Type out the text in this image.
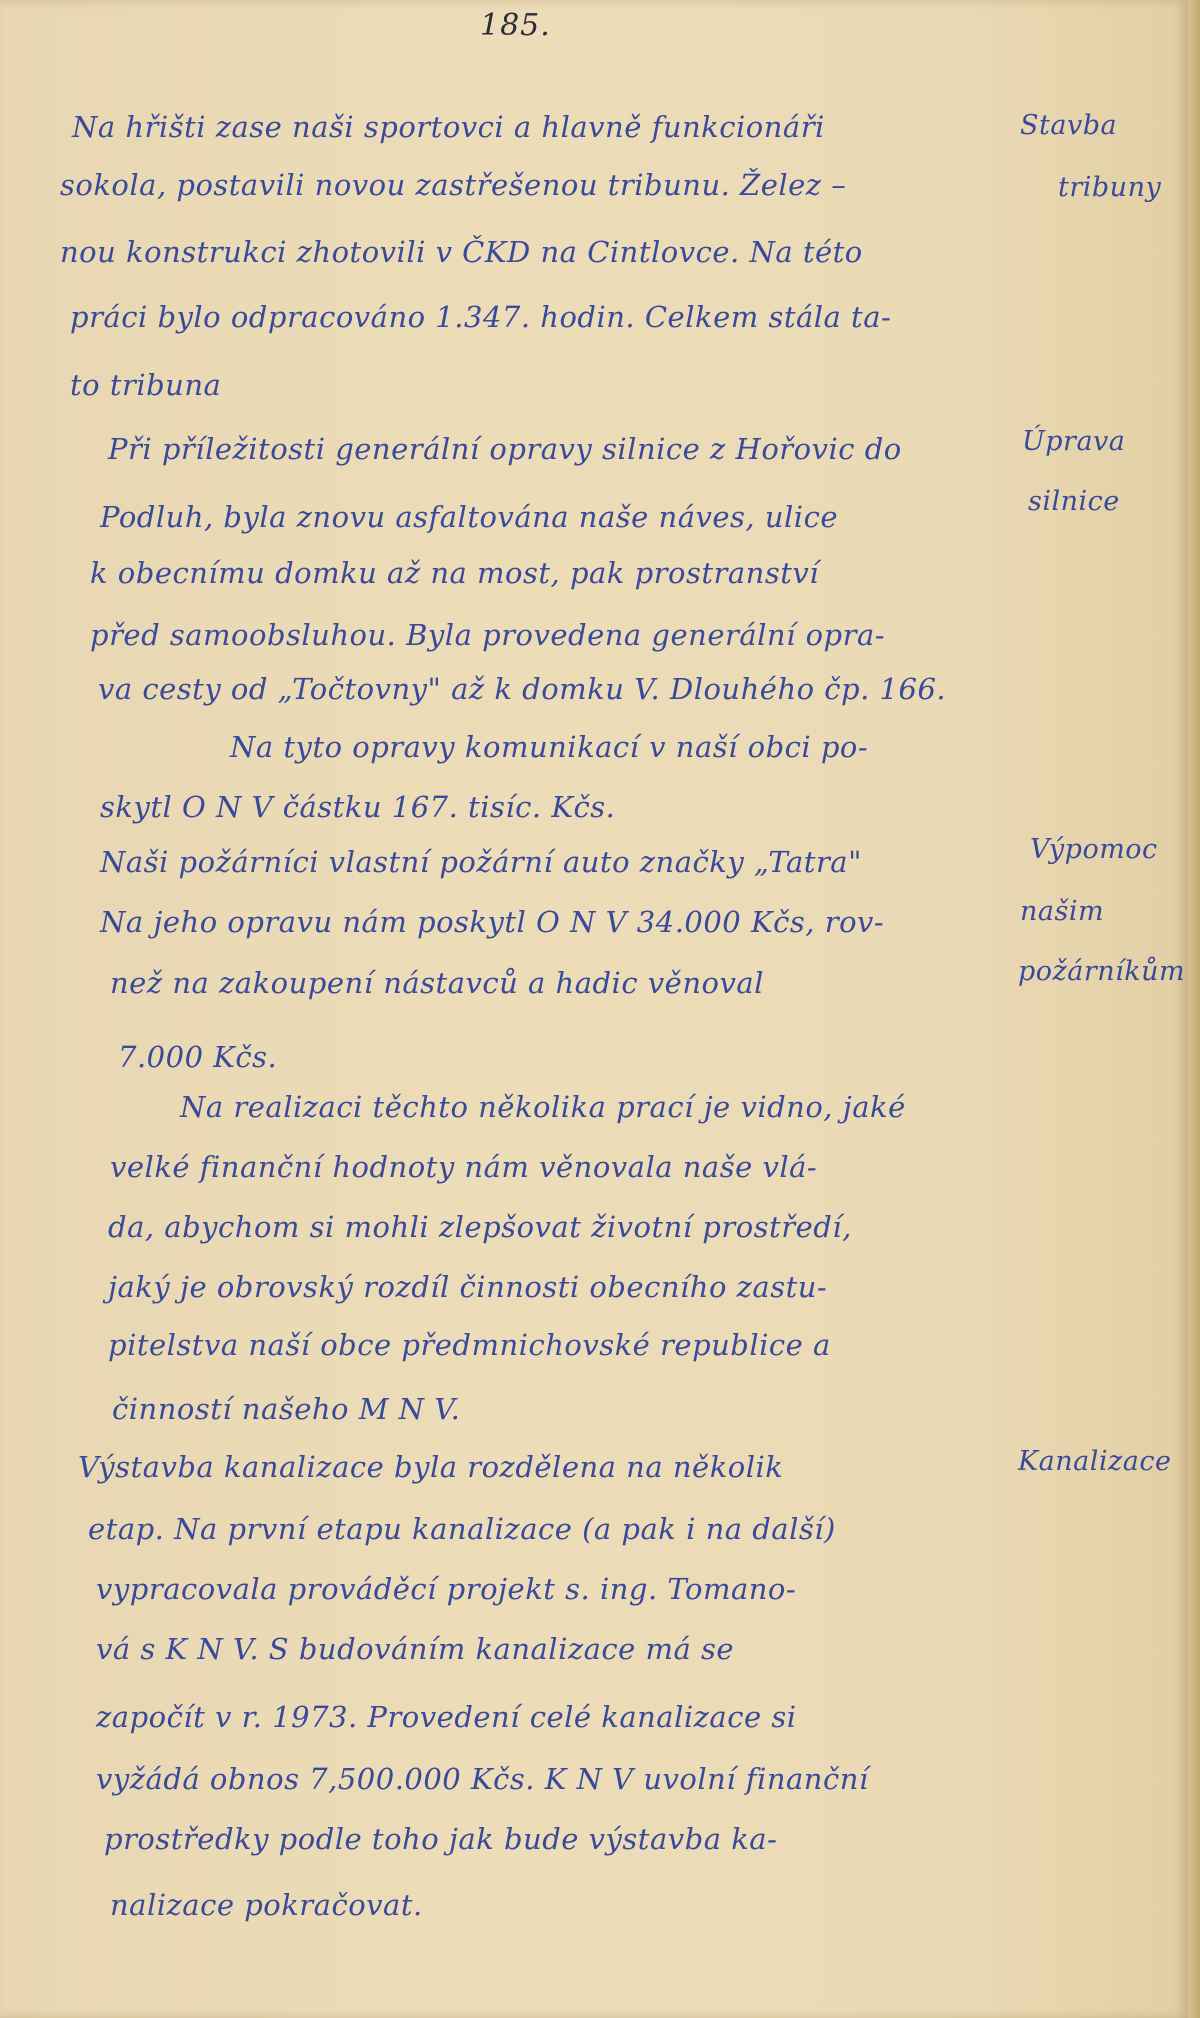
185.
Na hřišti zase naši sportovci a hlavně funkcionáři
sokola, postavili novou zastřešenou tribunu. Želez –
nou konstrukci zhotovili v ČKD na Cintlovce. Na této
práci bylo odpracováno 1.347. hodin. Celkem stála ta-
to tribuna
Při příležitosti generální opravy silnice z Hořovic do
Podluh, byla znovu asfaltována naše náves, ulice
k obecnímu domku až na most, pak prostranství
před samoobsluhou. Byla provedena generální opra-
va cesty od „Točtovny" až k domku V. Dlouhého čp. 166.
Na tyto opravy komunikací v naší obci po-
skytl O N V částku 167. tisíc. Kčs.
Naši požárníci vlastní požární auto značky „Tatra"
Na jeho opravu nám poskytl O N V 34.000 Kčs, rov-
než na zakoupení nástavců a hadic věnoval
7.000 Kčs.
Na realizaci těchto několika prací je vidno, jaké
velké finanční hodnoty nám věnovala naše vlá-
da, abychom si mohli zlepšovat životní prostředí,
jaký je obrovský rozdíl činnosti obecního zastu-
pitelstva naší obce předmnichovské republice a
činností našeho M N V.
Výstavba kanalizace byla rozdělena na několik
etap. Na první etapu kanalizace (a pak i na další)
vypracovala prováděcí projekt s. ing. Tomano-
vá s K N V. S budováním kanalizace má se
započít v r. 1973. Provedení celé kanalizace si
vyžádá obnos 7,500.000 Kčs. K N V uvolní finanční
prostředky podle toho jak bude výstavba ka-
nalizace pokračovat.
Stavba
tribuny
Úprava
silnice
Výpomoc
našim
požárníkům
Kanalizace
